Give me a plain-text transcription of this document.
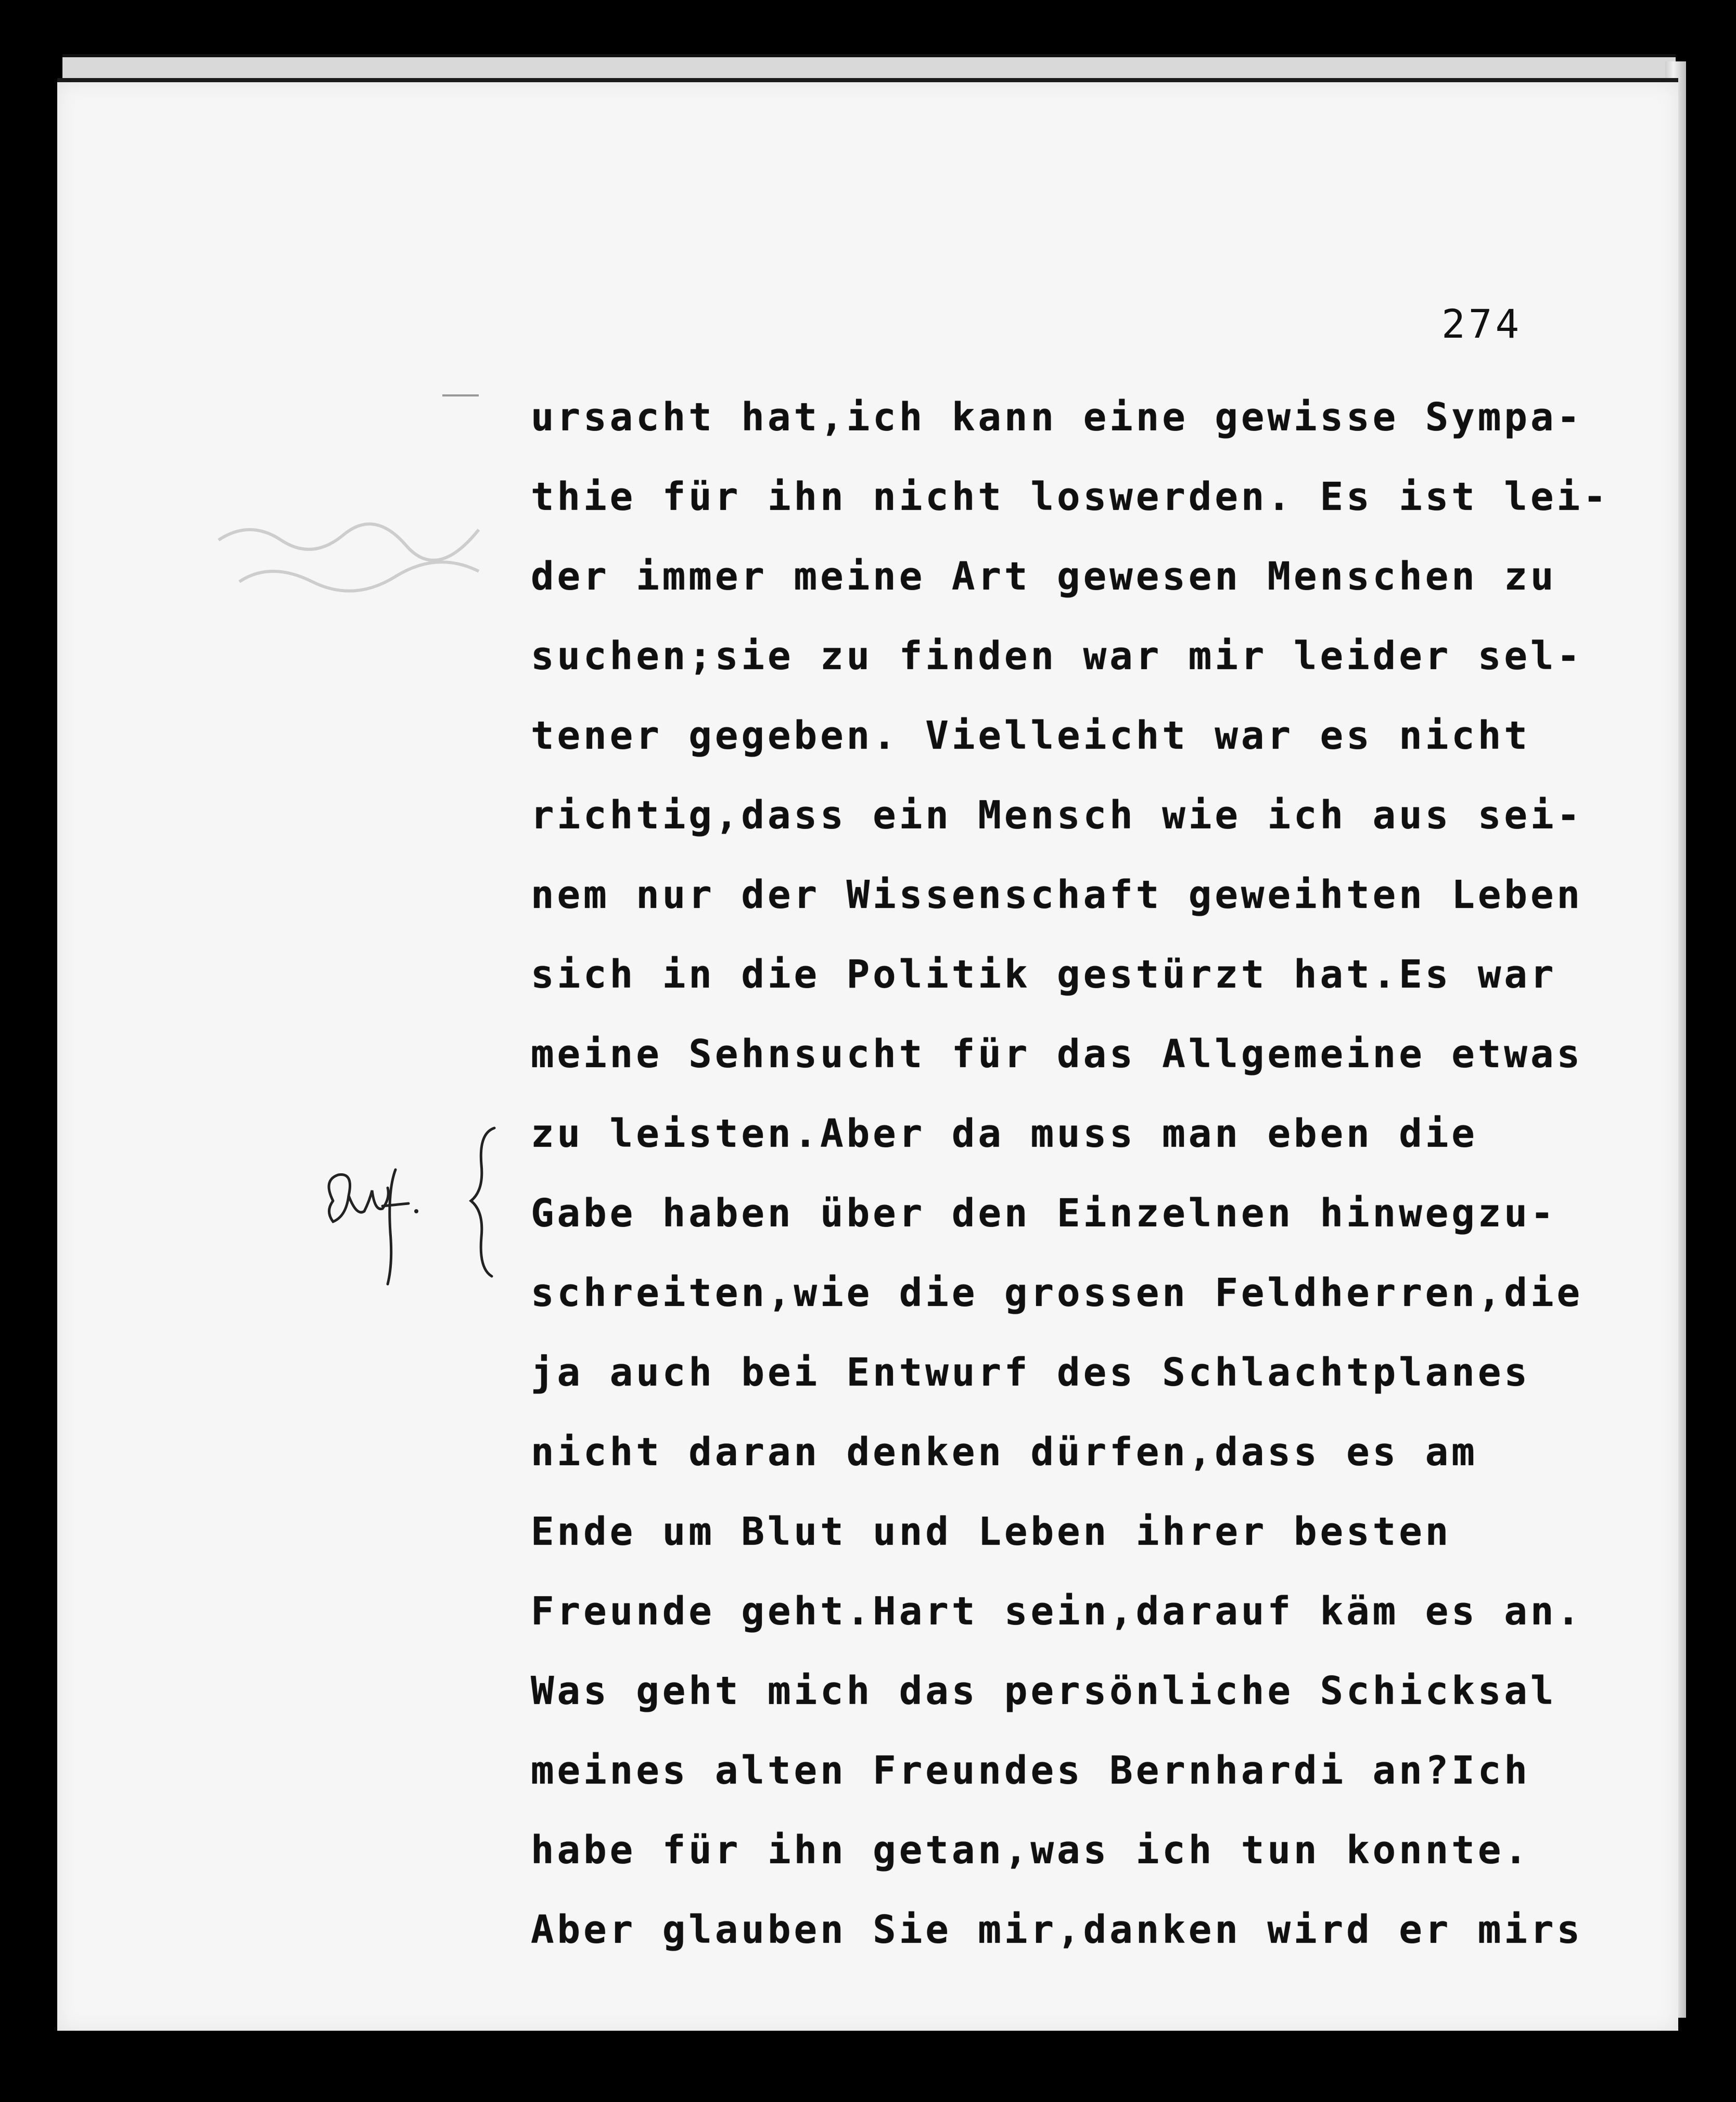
274
ursacht hat,ich kann eine gewisse Sympa-
thie für ihn nicht loswerden. Es ist lei-
der immer meine Art gewesen Menschen zu
suchen;sie zu finden war mir leider sel-
tener gegeben. Vielleicht war es nicht
richtig,dass ein Mensch wie ich aus sei-
nem nur der Wissenschaft geweihten Leben
sich in die Politik gestürzt hat.Es war
meine Sehnsucht für das Allgemeine etwas
zu leisten.Aber da muss man eben die
Gabe haben über den Einzelnen hinwegzu-
schreiten,wie die grossen Feldherren,die
ja auch bei Entwurf des Schlachtplanes
nicht daran denken dürfen,dass es am
Ende um Blut und Leben ihrer besten
Freunde geht.Hart sein,darauf käm es an.
Was geht mich das persönliche Schicksal
meines alten Freundes Bernhardi an?Ich
habe für ihn getan,was ich tun konnte.
Aber glauben Sie mir,danken wird er mirs
